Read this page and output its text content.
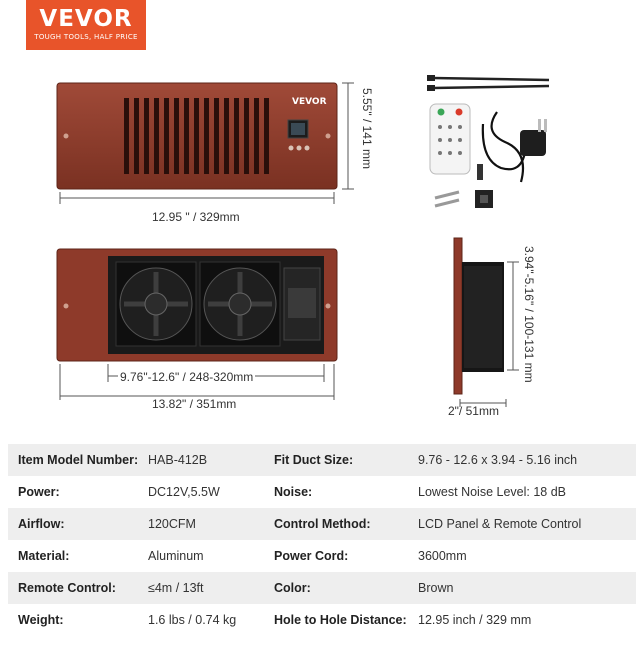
VEVOR
TOUGH TOOLS, HALF PRICE
VEVOR
12.95 " / 329mm
5.55" / 141 mm
9.76"-12.6" / 248-320mm
13.82" / 351mm
3.94"-5.16" / 100-131 mm
2"/ 51mm
Item Model Number:	HAB-412B	Fit Duct Size:	9.76 - 12.6 x 3.94 - 5.16 inch
Power:	DC12V,5.5W	Noise:	Lowest Noise Level: 18 dB
Airflow:	120CFM	Control Method:	LCD Panel & Remote Control
Material:	Aluminum	Power Cord:	3600mm
Remote Control:	≤4m / 13ft	Color:	Brown
Weight:	1.6 lbs / 0.74 kg	Hole to Hole Distance:	12.95 inch / 329 mm
